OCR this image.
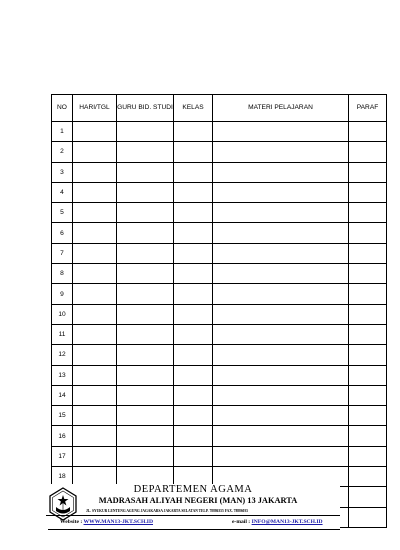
NO	HARI/TGL	GURU BID. STUDI	KELAS	MATERI PELAJARAN	PARAF
1					
2					
3					
4					
5					
6					
7					
8					
9					
10					
11					
12					
13					
14					
15					
16					
17					
18					

DEPARTEMEN AGAMA
MADRASAH ALIYAH NEGERI (MAN) 13 JAKARTA
JL. SYUKUR LENTENG AGUNG JAGAKARSA JAKARTA SELATAN TELP. 78886355 FAX. 78886035
Website : WWW.MAN13-JKT.SCH.ID	e-mail : INFO@MAN13-JKT.SCH.ID
